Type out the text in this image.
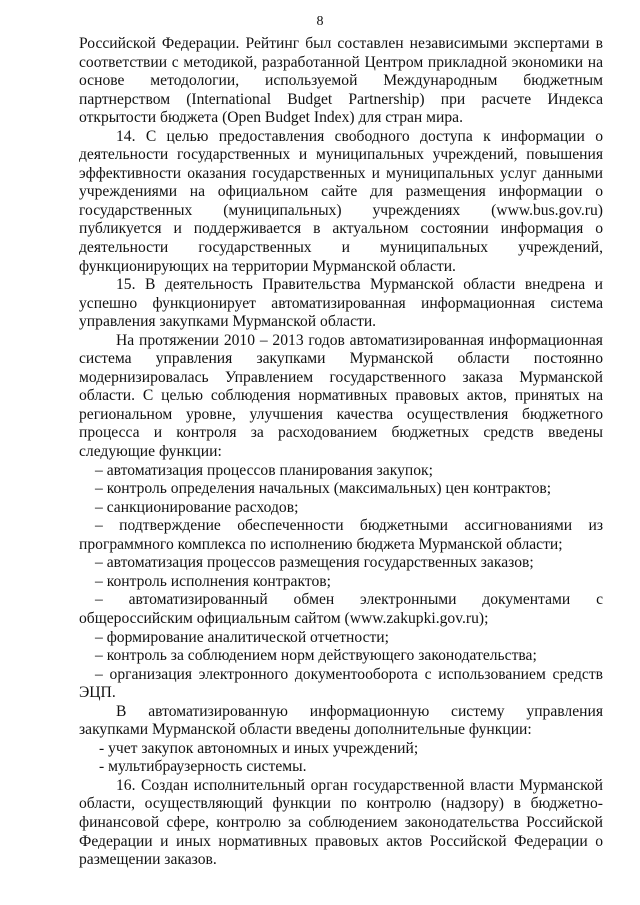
8

Российской Федерации. Рейтинг был составлен независимыми экспертами в соответствии с методикой, разработанной Центром прикладной экономики на основе методологии, используемой Международным бюджетным партнерством (International Budget Partnership) при расчете Индекса открытости бюджета (Open Budget Index) для стран мира.

14. С целью предоставления свободного доступа к информации о деятельности государственных и муниципальных учреждений, повышения эффективности оказания государственных и муниципальных услуг данными учреждениями на официальном сайте для размещения информации о государственных (муниципальных) учреждениях (www.bus.gov.ru) публикуется и поддерживается в актуальном состоянии информация о деятельности государственных и муниципальных учреждений, функционирующих на территории Мурманской области.

15. В деятельность Правительства Мурманской области внедрена и успешно функционирует автоматизированная информационная система управления закупками Мурманской области.

На протяжении 2010 – 2013 годов автоматизированная информационная система управления закупками Мурманской области постоянно модернизировалась Управлением государственного заказа Мурманской области. С целью соблюдения нормативных правовых актов, принятых на региональном уровне, улучшения качества осуществления бюджетного процесса и контроля за расходованием бюджетных средств введены следующие функции:

– автоматизация процессов планирования закупок;

– контроль определения начальных (максимальных) цен контрактов;

– санкционирование расходов;

– подтверждение обеспеченности бюджетными ассигнованиями из программного комплекса по исполнению бюджета Мурманской области;

– автоматизация процессов размещения государственных заказов;

– контроль исполнения контрактов;

– автоматизированный обмен электронными документами с общероссийским официальным сайтом (www.zakupki.gov.ru);

– формирование аналитической отчетности;

– контроль за соблюдением норм действующего законодательства;

– организация электронного документооборота с использованием средств ЭЦП.

В автоматизированную информационную систему управления закупками Мурманской области введены дополнительные функции:

- учет закупок автономных и иных учреждений;

- мультибраузерность системы.

16. Создан исполнительный орган государственной власти Мурманской области, осуществляющий функции по контролю (надзору) в бюджетно-финансовой сфере, контролю за соблюдением законодательства Российской Федерации и иных нормативных правовых актов Российской Федерации о размещении заказов.
